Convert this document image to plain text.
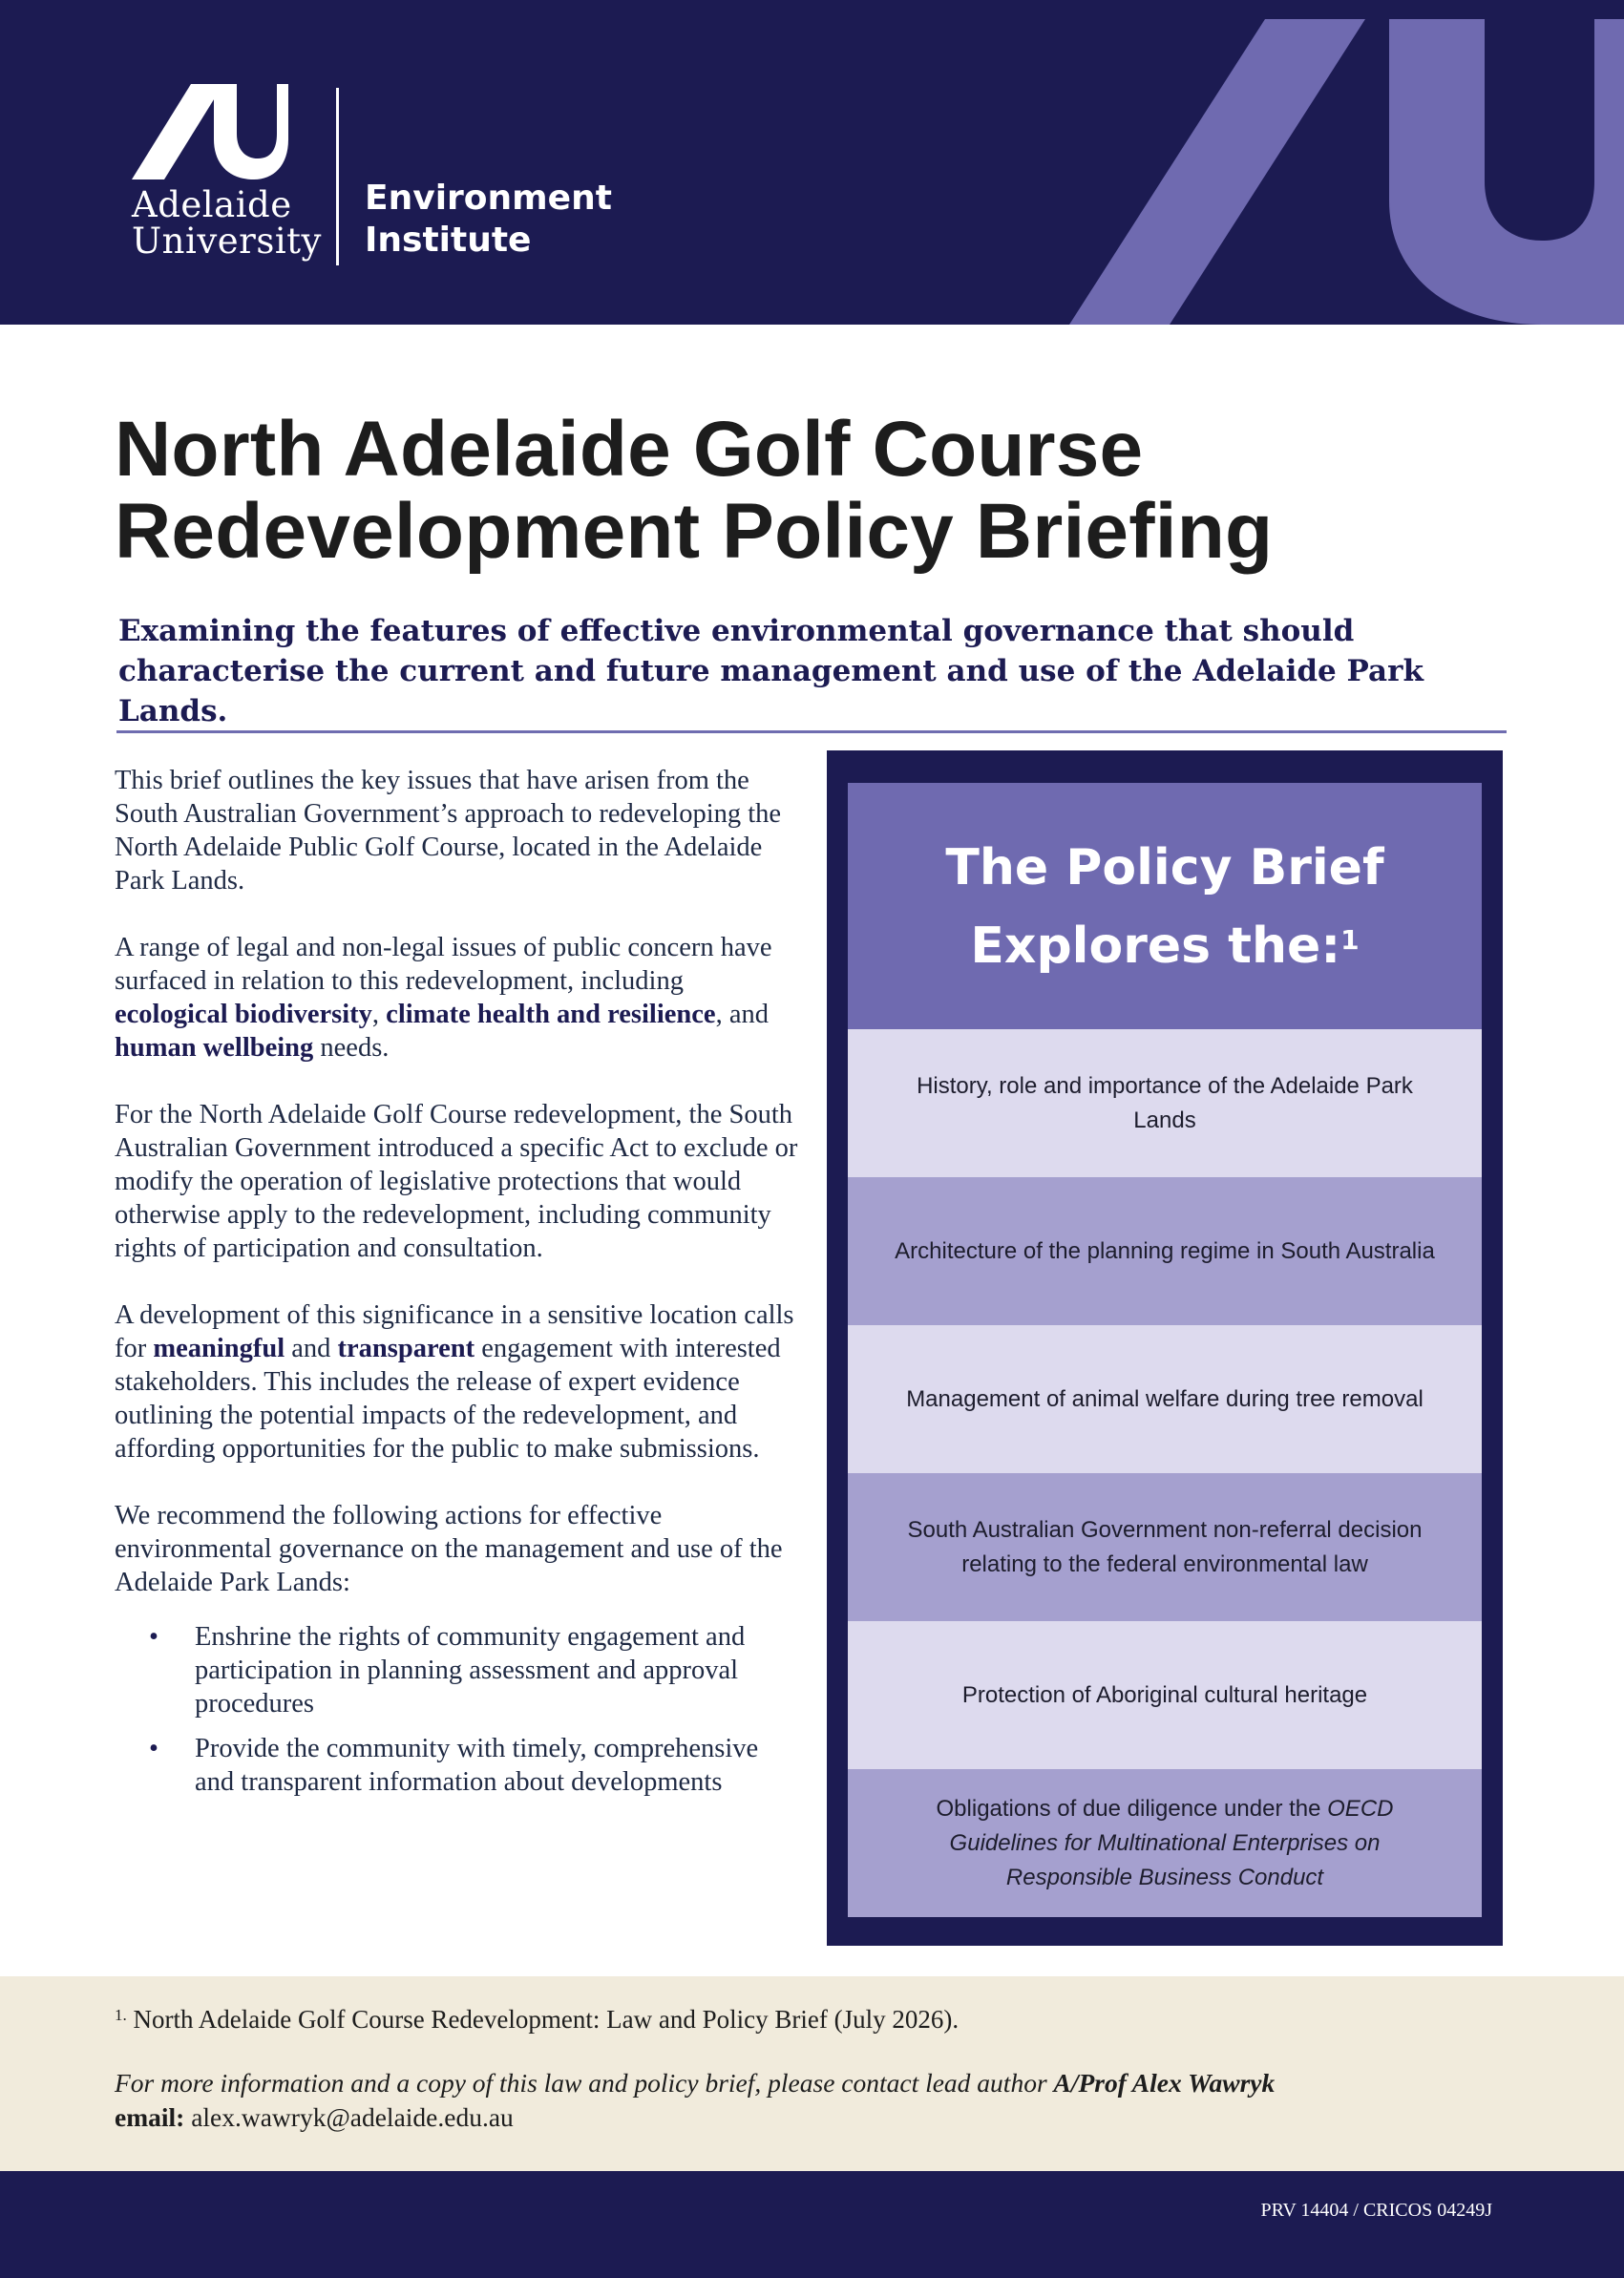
Adelaide
University
Environment
Institute
North Adelaide Golf Course
Redevelopment Policy Briefing
Examining the features of effective environmental governance that should characterise the current and future management and use of the Adelaide Park Lands.

This brief outlines the key issues that have arisen from the South Australian Government’s approach to redeveloping the North Adelaide Public Golf Course, located in the Adelaide Park Lands.

A range of legal and non-legal issues of public concern have surfaced in relation to this redevelopment, including ecological biodiversity, climate health and resilience, and human wellbeing needs.

For the North Adelaide Golf Course redevelopment, the South Australian Government introduced a specific Act to exclude or modify the operation of legislative protections that would otherwise apply to the redevelopment, including community rights of participation and consultation.

A development of this significance in a sensitive location calls for meaningful and transparent engagement with interested stakeholders. This includes the release of expert evidence outlining the potential impacts of the redevelopment, and affording opportunities for the public to make submissions.

We recommend the following actions for effective environmental governance on the management and use of the Adelaide Park Lands:

• Enshrine the rights of community engagement and participation in planning assessment and approval procedures
• Provide the community with timely, comprehensive and transparent information about developments
The Policy Brief
Explores the:$^1$
History, role and importance of the Adelaide Park Lands
Architecture of the planning regime in South Australia
Management of animal welfare during tree removal
South Australian Government non-referral decision relating to the federal environmental law
Protection of Aboriginal cultural heritage
Obligations of due diligence under the OECD Guidelines for Multinational Enterprises on Responsible Business Conduct
$^{1.}$ North Adelaide Golf Course Redevelopment: Law and Policy Brief (July 2026).
For more information and a copy of this law and policy brief, please contact lead author A/Prof Alex Wawryk
email: alex.wawryk@adelaide.edu.au
PRV 14404 / CRICOS 04249J
